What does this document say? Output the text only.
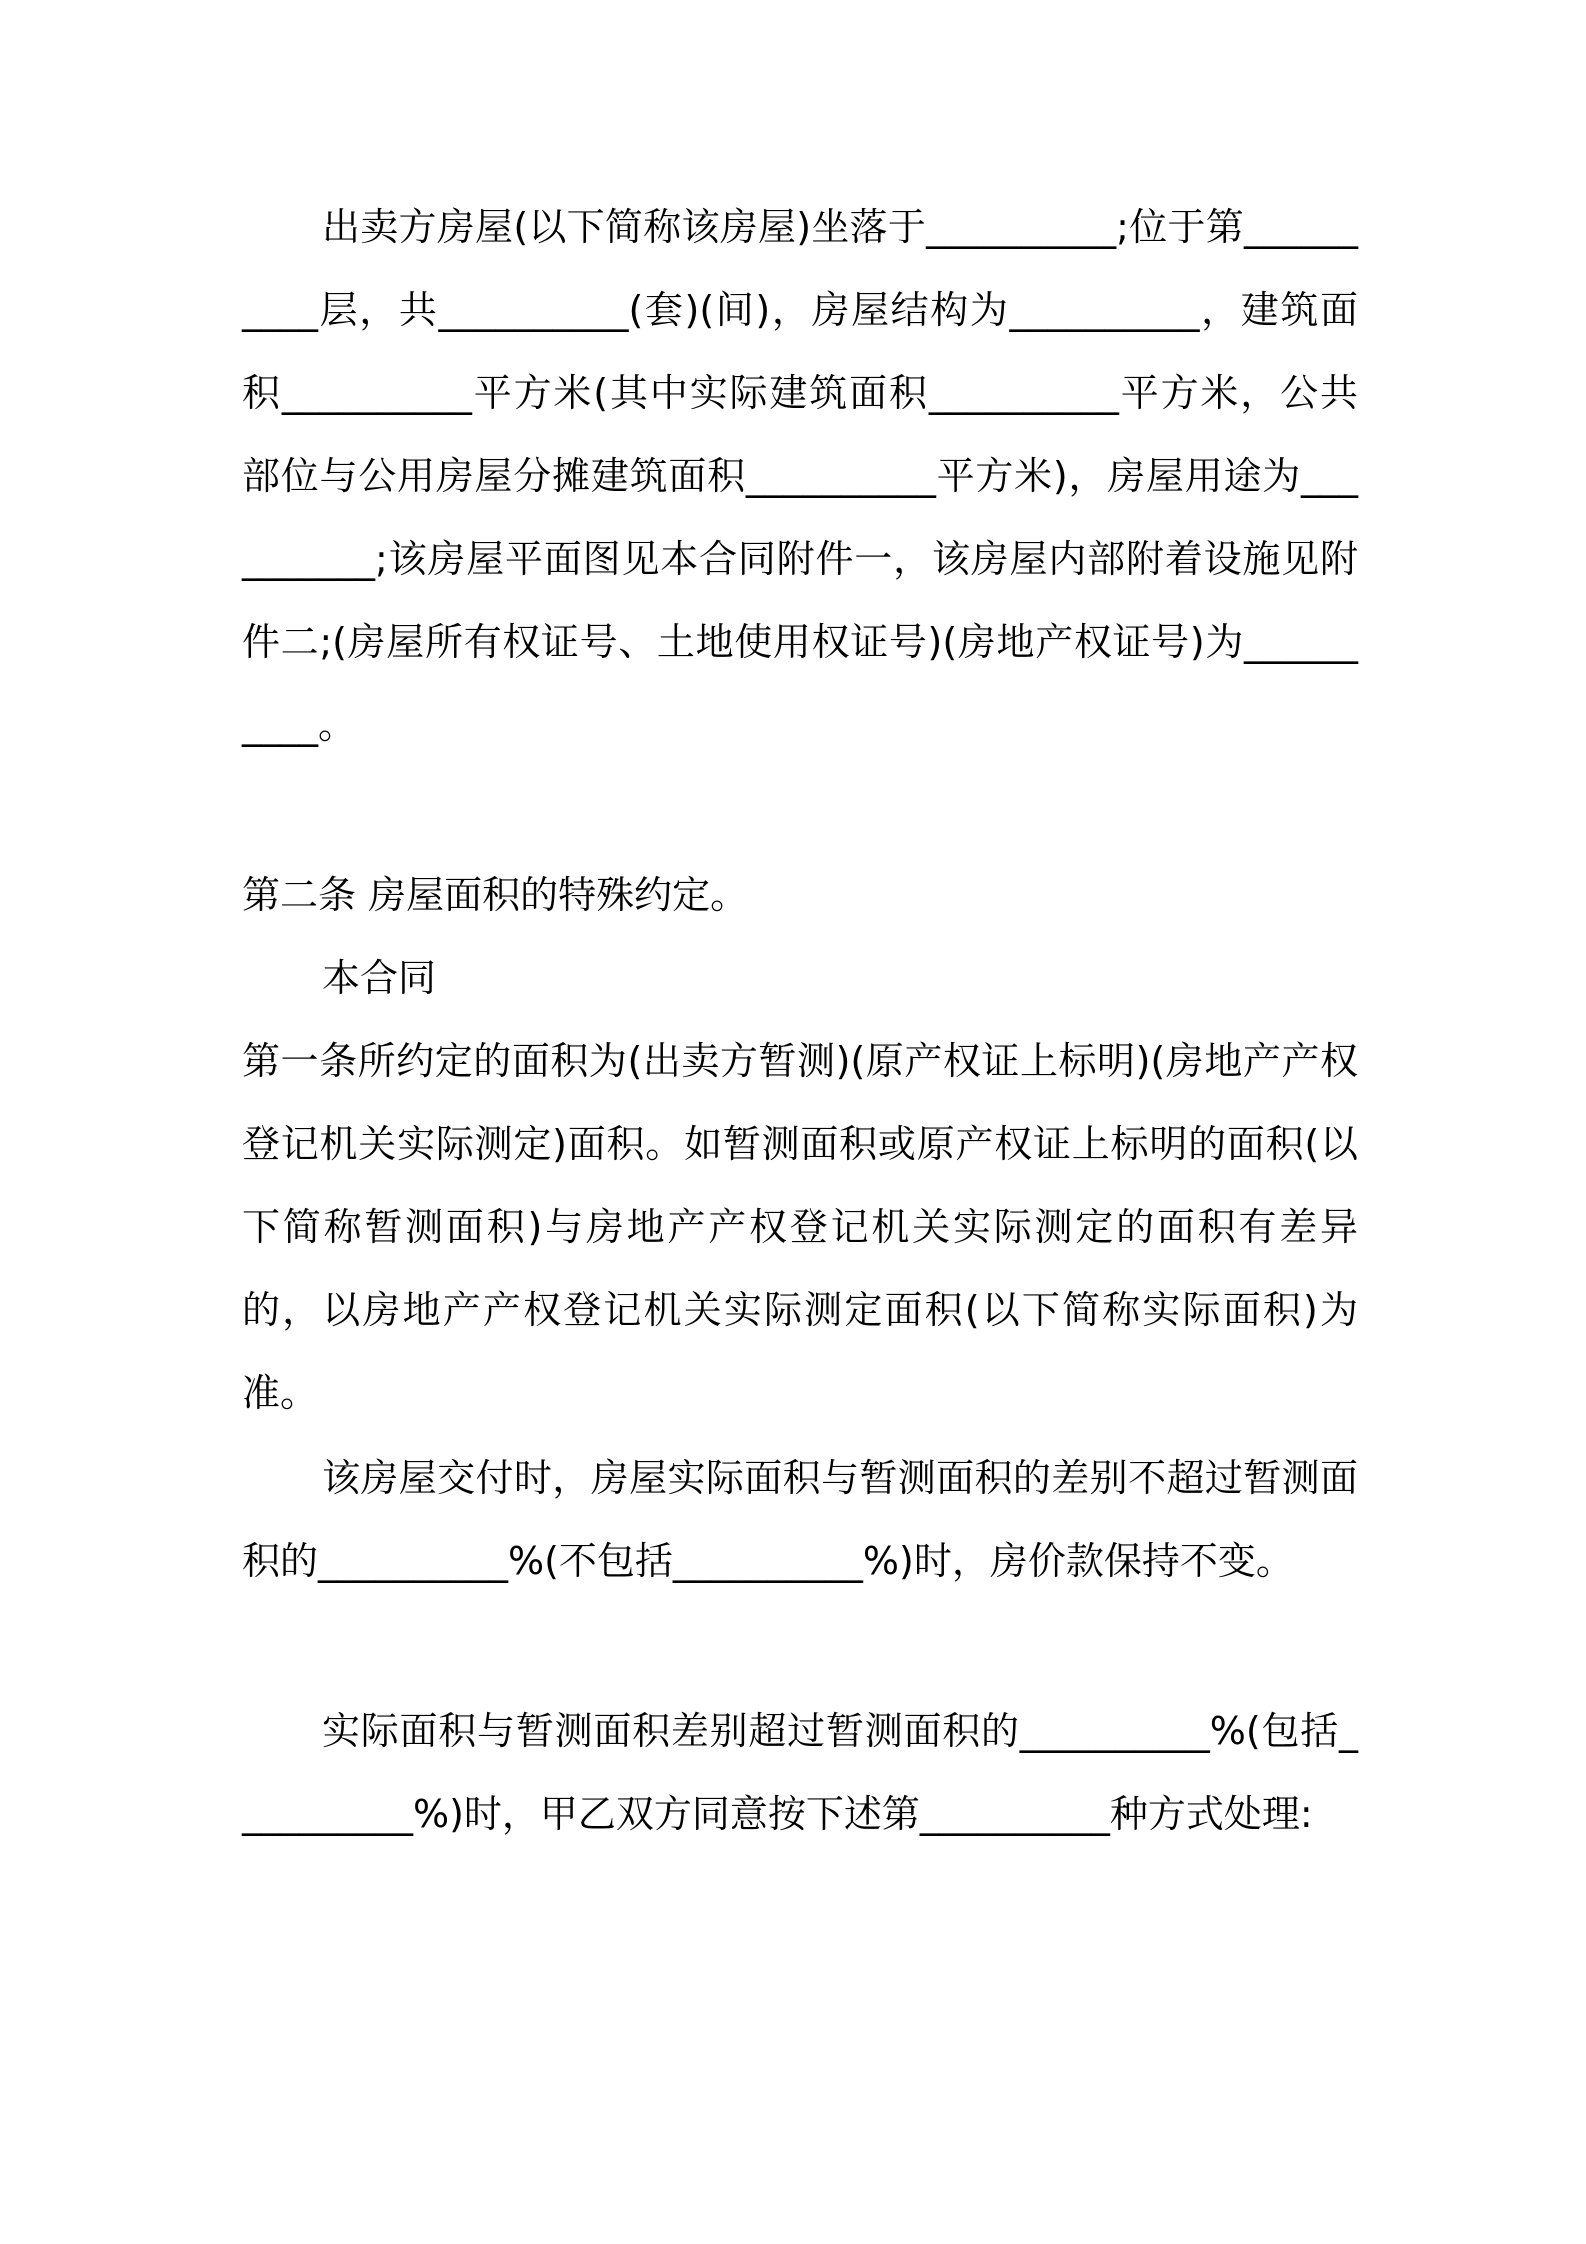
出卖方房屋(以下简称该房屋)坐落于__________;位于第__________层，共__________(套)(间)，房屋结构为__________，建筑面积__________平方米(其中实际建筑面积__________平方米，公共部位与公用房屋分摊建筑面积__________平方米)，房屋用途为__________;该房屋平面图见本合同附件一，该房屋内部附着设施见附件二;(房屋所有权证号、土地使用权证号)(房地产权证号)为__________。

第二条 房屋面积的特殊约定。

本合同

第一条所约定的面积为(出卖方暂测)(原产权证上标明)(房地产产权登记机关实际测定)面积。如暂测面积或原产权证上标明的面积(以下简称暂测面积)与房地产产权登记机关实际测定的面积有差异的，以房地产产权登记机关实际测定面积(以下简称实际面积)为准。

该房屋交付时，房屋实际面积与暂测面积的差别不超过暂测面积的__________%(不包括__________%)时，房价款保持不变。

实际面积与暂测面积差别超过暂测面积的__________%(包括__________%)时，甲乙双方同意按下述第__________种方式处理:
